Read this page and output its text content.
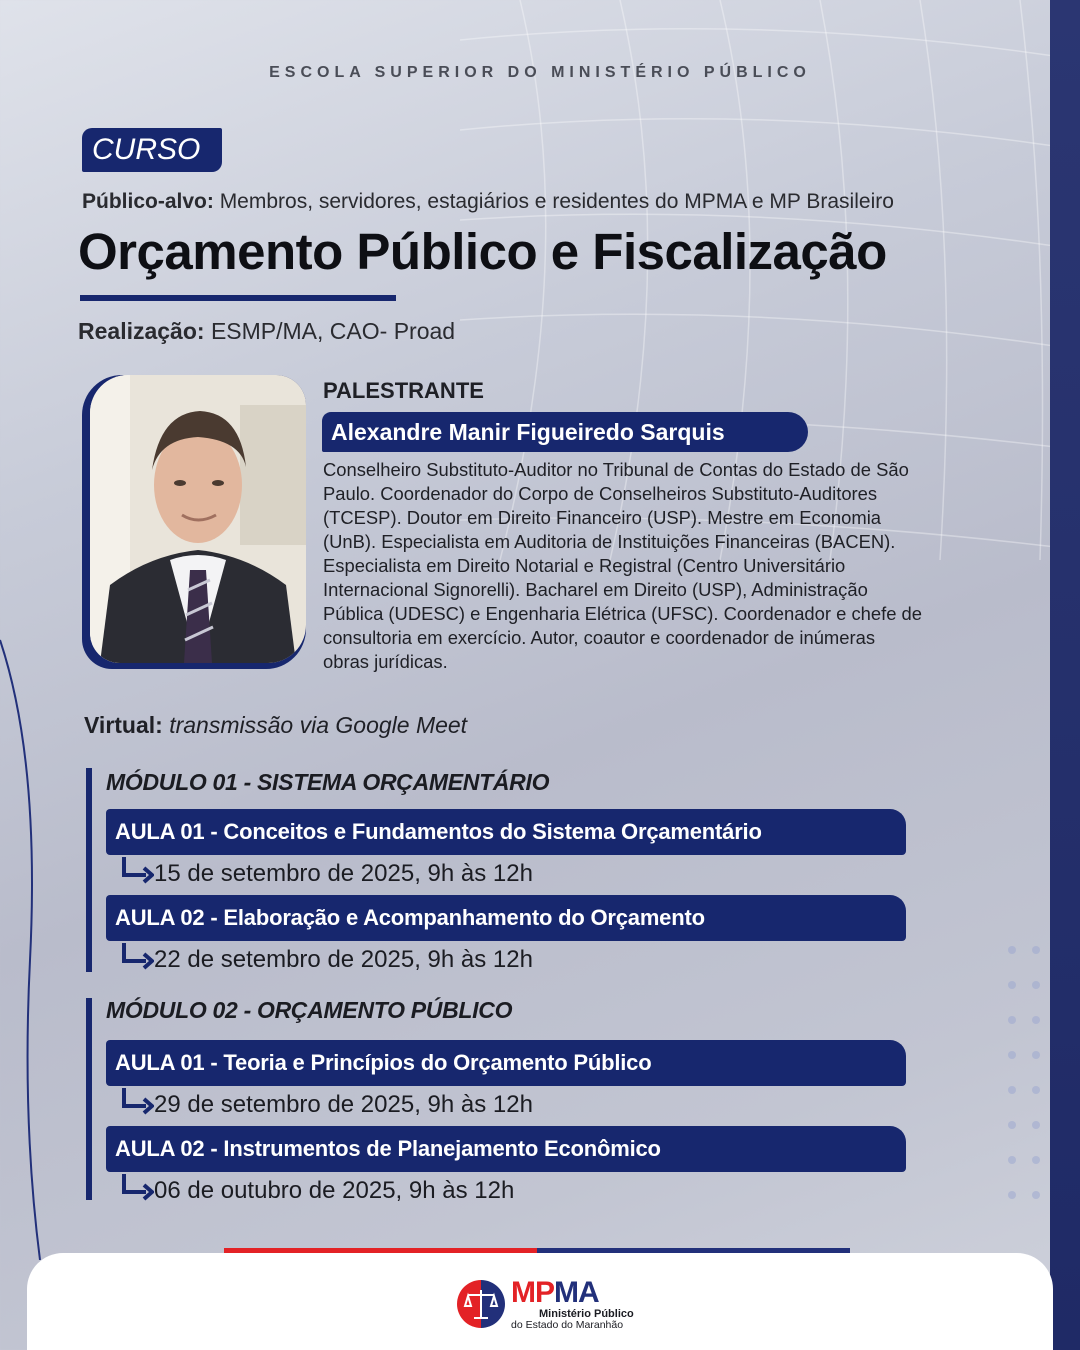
ESCOLA SUPERIOR DO MINISTÉRIO PÚBLICO
CURSO
Público-alvo: Membros, servidores, estagiários e residentes do MPMA e MP Brasileiro
Orçamento Público e Fiscalização
Realização: ESMP/MA, CAO- Proad
PALESTRANTE
Alexandre Manir Figueiredo Sarquis
Conselheiro Substituto-Auditor no Tribunal de Contas do Estado de São
Paulo. Coordenador do Corpo de Conselheiros Substituto-Auditores
(TCESP). Doutor em Direito Financeiro (USP). Mestre em Economia
(UnB). Especialista em Auditoria de Instituições Financeiras (BACEN).
Especialista em Direito Notarial e Registral (Centro Universitário
Internacional Signorelli). Bacharel em Direito (USP), Administração
Pública (UDESC) e Engenharia Elétrica (UFSC). Coordenador e chefe de
consultoria em exercício. Autor, coautor e coordenador de inúmeras
obras jurídicas.
Virtual: transmissão via Google Meet
MÓDULO 01 - SISTEMA ORÇAMENTÁRIO
AULA 01 - Conceitos e Fundamentos do Sistema Orçamentário
15 de setembro de 2025, 9h às 12h
AULA 02 - Elaboração e Acompanhamento do Orçamento
22 de setembro de 2025, 9h às 12h
MÓDULO 02 - ORÇAMENTO PÚBLICO
AULA 01 - Teoria e Princípios do Orçamento Público
29 de setembro de 2025, 9h às 12h
AULA 02 - Instrumentos de Planejamento Econômico
06 de outubro de 2025, 9h às 12h
MPMA
Ministério Público
do Estado do Maranhão
